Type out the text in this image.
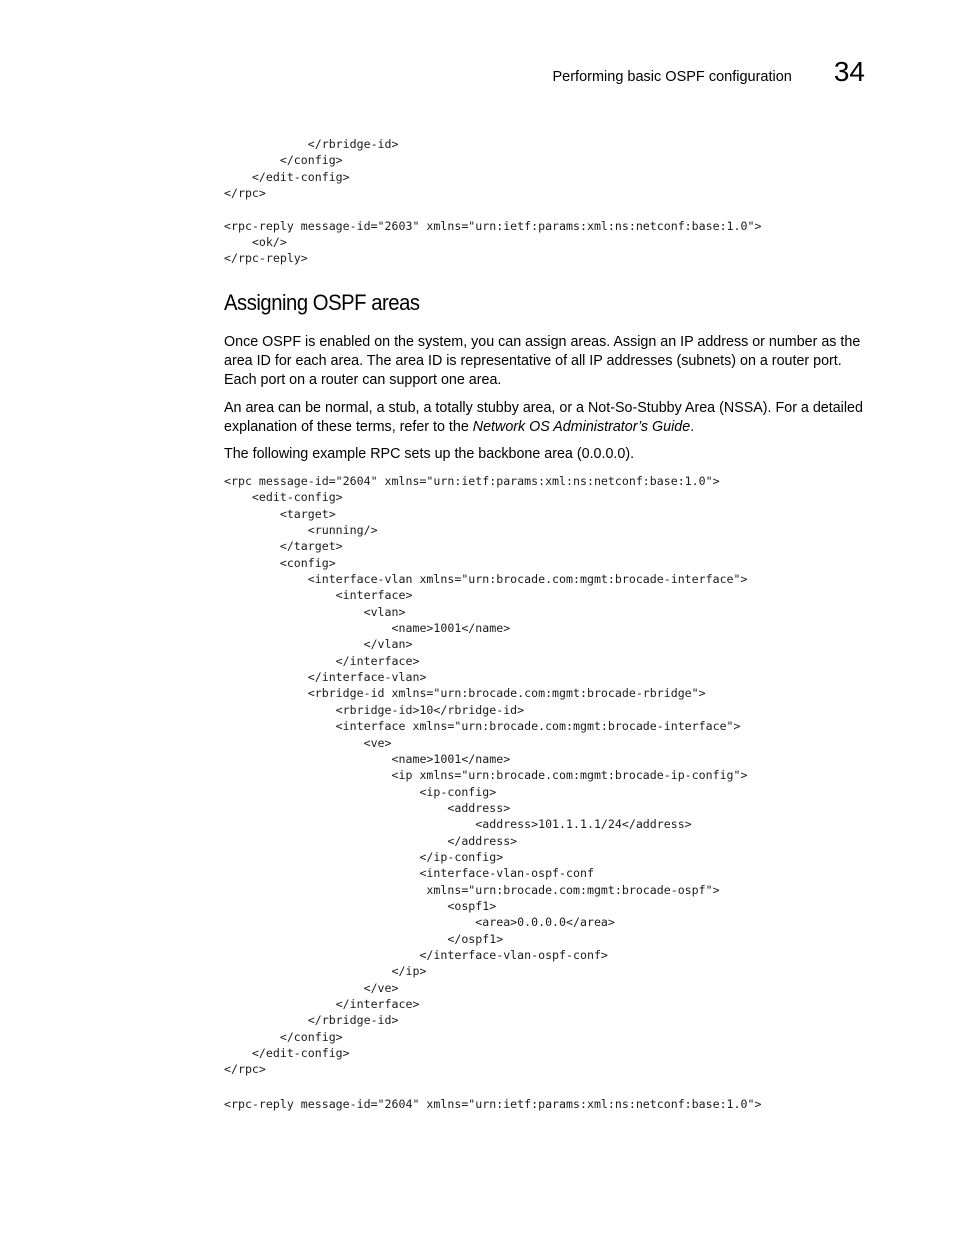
Performing basic OSPF configuration 34
</rbridge-id>
</config>
</edit-config>
</rpc>

<rpc-reply message-id="2603" xmlns="urn:ietf:params:xml:ns:netconf:base:1.0">
<ok/>
</rpc-reply>
Assigning OSPF areas

Once OSPF is enabled on the system, you can assign areas. Assign an IP address or number as the area ID for each area. The area ID is representative of all IP addresses (subnets) on a router port. Each port on a router can support one area.

An area can be normal, a stub, a totally stubby area, or a Not-So-Stubby Area (NSSA). For a detailed explanation of these terms, refer to the Network OS Administrator’s Guide.

The following example RPC sets up the backbone area (0.0.0.0).

<rpc message-id="2604" xmlns="urn:ietf:params:xml:ns:netconf:base:1.0">
<edit-config>
<target>
<running/>
</target>
<config>
<interface-vlan xmlns="urn:brocade.com:mgmt:brocade-interface">
<interface>
<vlan>
<name>1001</name>
</vlan>
</interface>
</interface-vlan>
<rbridge-id xmlns="urn:brocade.com:mgmt:brocade-rbridge">
<rbridge-id>10</rbridge-id>
<interface xmlns="urn:brocade.com:mgmt:brocade-interface">
<ve>
<name>1001</name>
<ip xmlns="urn:brocade.com:mgmt:brocade-ip-config">
<ip-config>
<address>
<address>101.1.1.1/24</address>
</address>
</ip-config>
<interface-vlan-ospf-conf
xmlns="urn:brocade.com:mgmt:brocade-ospf">
<ospf1>
<area>0.0.0.0</area>
</ospf1>
</interface-vlan-ospf-conf>
</ip>
</ve>
</interface>
</rbridge-id>
</config>
</edit-config>
</rpc>
<rpc-reply message-id="2604" xmlns="urn:ietf:params:xml:ns:netconf:base:1.0">
